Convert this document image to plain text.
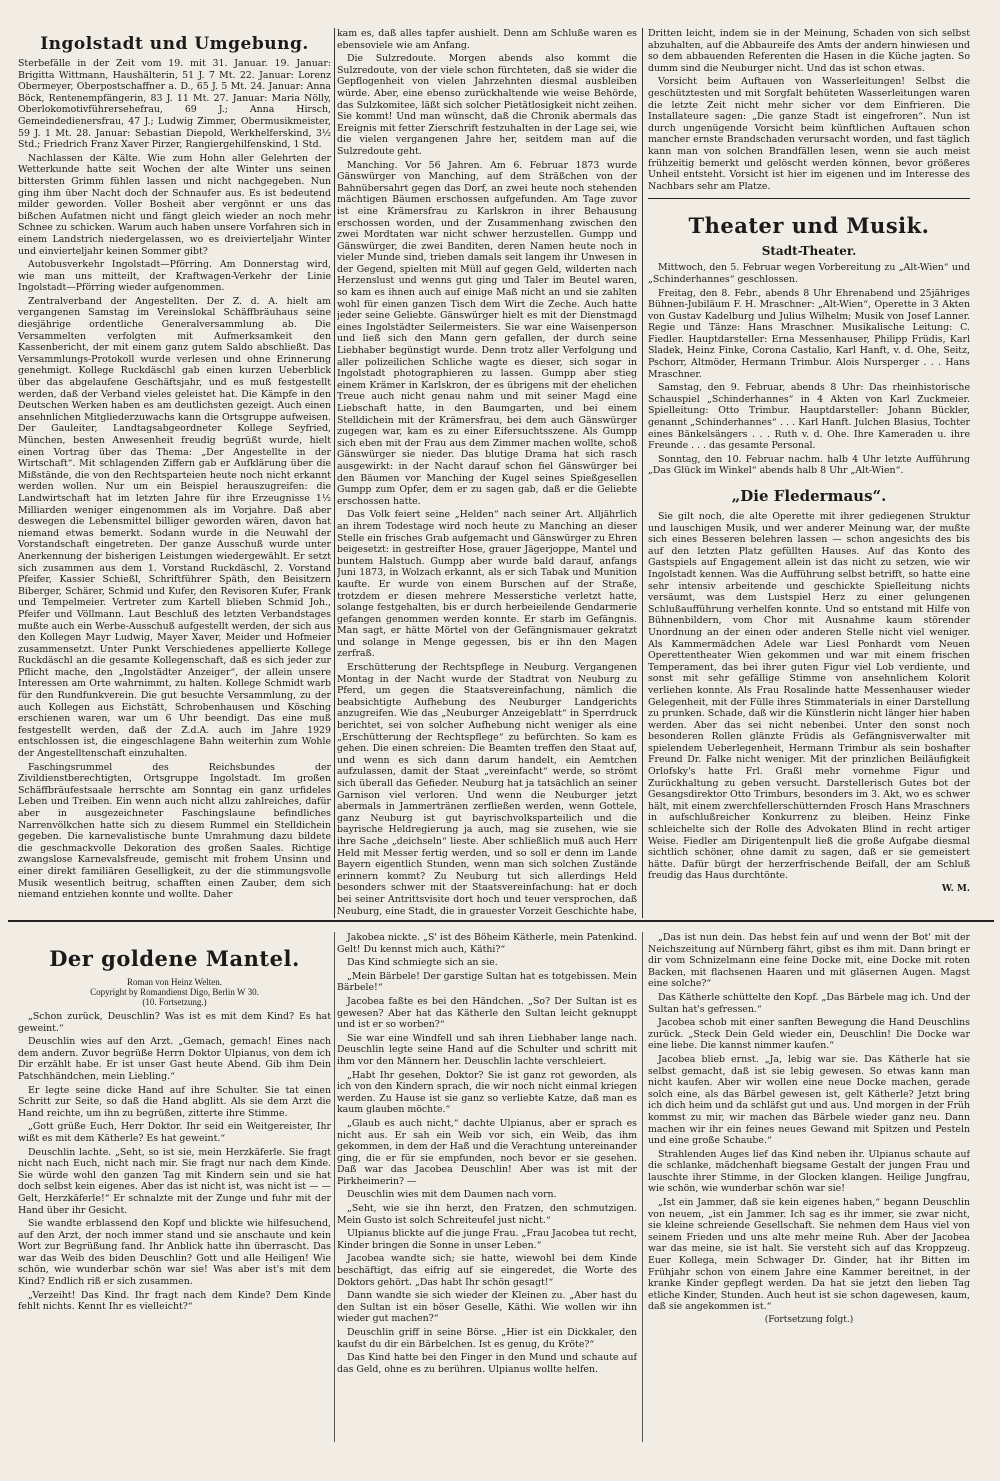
Ingolstadt und Umgebung.

Sterbefälle in der Zeit vom 19. mit 31. Januar. 19. Januar: Brigitta Wittmann, Haushälterin, 51 J. 7 Mt. 22. Januar: Lorenz Obermeyer, Oberpostschaffner a. D., 65 J. 5 Mt. 24. Januar: Anna Böck, Rentenempfängerin, 83 J. 11 Mt. 27. Januar: Maria Nölly, Oberlokomotivführersehefrau, 69 J.; Anna Hirsch, Gemeindedienersfrau, 47 J.; Ludwig Zimmer, Obermusikmeister, 59 J. 1 Mt. 28. Januar: Sebastian Diepold, Werkhelferskind, 3½ Std.; Friedrich Franz Xaver Pirzer, Rangiergehilfenskind, 1 Std.

Nachlassen der Kälte. Wie zum Hohn aller Gelehrten der Wetterkunde hatte seit Wochen der alte Winter uns seinen bittersten Grimm fühlen lassen und nicht nachgegeben. Nun ging ihm über Nacht doch der Schnaufer aus. Es ist bedeutend milder geworden. Voller Bosheit aber vergönnt er uns das bißchen Aufatmen nicht und fängt gleich wieder an noch mehr Schnee zu schicken. Warum auch haben unsere Vorfahren sich in einem Landstrich niedergelassen, wo es dreivierteljahr Winter und einvierteljahr keinen Sommer gibt?

Autobusverkehr Ingolstadt—Pförring. Am Donnerstag wird, wie man uns mitteilt, der Kraftwagen-Verkehr der Linie Ingolstadt—Pförring wieder aufgenommen.

Zentralverband der Angestellten. Der Z. d. A. hielt am vergangenen Samstag im Vereinslokal Schäffbräuhaus seine diesjährige ordentliche Generalversammlung ab. Die Versammelten verfolgten mit Aufmerksamkeit den Kassenbericht, der mit einem ganz gutem Saldo abschließt. Das Versammlungs-Protokoll wurde verlesen und ohne Erinnerung genehmigt. Kollege Ruckdäschl gab einen kurzen Ueberblick über das abgelaufene Geschäftsjahr, und es muß festgestellt werden, daß der Verband vieles geleistet hat. Die Kämpfe in den Deutschen Werken haben es am deutlichsten gezeigt. Auch einen ansehnlichen Mitgliederzuwachs kann die Ortsgruppe aufweisen. Der Gauleiter, Landtagsabgeordneter Kollege Seyfried, München, besten Anwesenheit freudig begrüßt wurde, hielt einen Vortrag über das Thema: „Der Angestellte in der Wirtschaft“. Mit schlagenden Ziffern gab er Aufklärung über die Mißstände, die von den Rechtsparteien heute noch nicht erkannt werden wollen. Nur um ein Beispiel herauszugreifen: die Landwirtschaft hat im letzten Jahre für ihre Erzeugnisse 1½ Milliarden weniger eingenommen als im Vorjahre. Daß aber deswegen die Lebensmittel billiger geworden wären, davon hat niemand etwas bemerkt. Sodann wurde in die Neuwahl der Vorstandschaft eingetreten. Der ganze Ausschuß wurde unter Anerkennung der bisherigen Leistungen wiedergewählt. Er setzt sich zusammen aus dem 1. Vorstand Ruckdäschl, 2. Vorstand Pfeifer, Kassier Schießl, Schriftführer Späth, den Beisitzern Biberger, Schärer, Schmid und Kufer, den Revisoren Kufer, Frank und Tempelmeier. Vertreter zum Kartell blieben Schmid Joh., Pfeifer und Völlmann. Laut Beschluß des letzten Verbandstages mußte auch ein Werbe-Ausschuß aufgestellt werden, der sich aus den Kollegen Mayr Ludwig, Mayer Xaver, Meider und Hofmeier zusammensetzt. Unter Punkt Verschiedenes appellierte Kollege Ruckdäschl an die gesamte Kollegenschaft, daß es sich jeder zur Pflicht mache, den „Ingolstädter Anzeiger“, der allein unsere Interessen am Orte wahrnimmt, zu halten. Kollege Schmidt warb für den Rundfunkverein. Die gut besuchte Versammlung, zu der auch Kollegen aus Eichstätt, Schrobenhausen und Kösching erschienen waren, war um 6 Uhr beendigt. Das eine muß festgestellt werden, daß der Z.d.A. auch im Jahre 1929 entschlossen ist, die eingeschlagene Bahn weiterhin zum Wohle der Angestelltenschaft einzuhalten.

Faschingsrummel des Reichsbundes der Zivildienstberechtigten, Ortsgruppe Ingolstadt. Im großen Schäffbräufestsaale herrschte am Sonntag ein ganz urfideles Leben und Treiben. Ein wenn auch nicht allzu zahlreiches, dafür aber in ausgezeichneter Faschingslaune befindliches Narrenvölkchen hatte sich zu diesem Rummel ein Stelldichein gegeben. Die karnevalistische bunte Umrahmung dazu bildete die geschmackvolle Dekoration des großen Saales. Richtige zwangslose Karnevalsfreude, gemischt mit frohem Unsinn und einer direkt familiären Geselligkeit, zu der die stimmungsvolle Musik wesentlich beitrug, schafften einen Zauber, dem sich niemand entziehen konnte und wollte. Daher

kam es, daß alles tapfer aushielt. Denn am Schluße waren es ebensoviele wie am Anfang.

Die Sulzredoute. Morgen abends also kommt die Sulzredoute, von der viele schon fürchteten, daß sie wider die Gepflogenheit von vielen Jahrzehnten diesmal ausbleiben würde. Aber, eine ebenso zurückhaltende wie weise Behörde, das Sulzkomitee, läßt sich solcher Pietätlosigkeit nicht zeihen. Sie kommt! Und man wünscht, daß die Chronik abermals das Ereignis mit fetter Zierschrift festzuhalten in der Lage sei, wie die vielen vergangenen Jahre her, seitdem man auf die Sulzredoute geht.

Manching. Vor 56 Jahren. Am 6. Februar 1873 wurde Gänswürger von Manching, auf dem Sträßchen von der Bahnübersahrt gegen das Dorf, an zwei heute noch stehenden mächtigen Bäumen erschossen aufgefunden. Am Tage zuvor ist eine Krämersfrau zu Karlskron in ihrer Behausung erschossen worden, und der Zusammenhang zwischen den zwei Mordtaten war nicht schwer herzustellen. Gumpp und Gänswürger, die zwei Banditen, deren Namen heute noch in vieler Munde sind, trieben damals seit langem ihr Unwesen in der Gegend, spielten mit Müll auf gegen Geld, wilderten nach Herzenslust und wenns gut ging und Taler im Beutel waren, so kam es ihnen auch auf einige Maß nicht an und sie zahlten wohl für einen ganzen Tisch dem Wirt die Zeche. Auch hatte jeder seine Geliebte. Gänswürger hielt es mit der Dienstmagd eines Ingolstädter Seilermeisters. Sie war eine Waisenperson und ließ sich den Mann gern gefallen, der durch seine Liebhaber begünstigt wurde. Denn trotz aller Verfolgung und aller polizeilichen Schliche wagte es dieser, sich sogar in Ingolstadt photographieren zu lassen. Gumpp aber stieg einem Krämer in Karlskron, der es übrigens mit der ehelichen Treue auch nicht genau nahm und mit seiner Magd eine Liebschaft hatte, in den Baumgarten, und bei einem Stelldichein mit der Krämersfrau, bei dem auch Gänswürger zugegen war, kam es zu einer Eifersuchtsszene. Als Gumpp sich eben mit der Frau aus dem Zimmer machen wollte, schoß Gänswürger sie nieder. Das blutige Drama hat sich rasch ausgewirkt: in der Nacht darauf schon fiel Gänswürger bei den Bäumen vor Manching der Kugel seines Spießgesellen Gumpp zum Opfer, dem er zu sagen gab, daß er die Geliebte erschossen hatte.

Das Volk feiert seine „Helden“ nach seiner Art. Alljährlich an ihrem Todestage wird noch heute zu Manching an dieser Stelle ein frisches Grab aufgemacht und Gänswürger zu Ehren beigesetzt: in gestreifter Hose, grauer Jägerjoppe, Mantel und buntem Halstuch. Gumpp aber wurde bald darauf, anfangs Juni 1873, in Wolzach erkannt, als er sich Tabak und Munition kaufte. Er wurde von einem Burschen auf der Straße, trotzdem er diesen mehrere Messerstiche verletzt hatte, solange festgehalten, bis er durch herbeieilende Gendarmerie gefangen genommen werden konnte. Er starb im Gefängnis. Man sagt, er hätte Mörtel von der Gefängnismauer gekratzt und solange in Menge gegessen, bis er ihn den Magen zerfraß.

Erschütterung der Rechtspflege in Neuburg. Vergangenen Montag in der Nacht wurde der Stadtrat von Neuburg zu Pferd, um gegen die Staatsvereinfachung, nämlich die beabsichtigte Aufhebung des Neuburger Landgerichts anzugreifen. Wie das „Neuburger Anzeigeblatt“ in Sperrdruck berichtet, sei von solcher Aufhebung nicht weniger als eine „Erschütterung der Rechtspflege“ zu befürchten. So kam es gehen. Die einen schreien: Die Beamten treffen den Staat auf, und wenn es sich dann darum handelt, ein Aemtchen aufzulassen, damit der Staat „vereinfacht“ werde, so strömt sich überall das Gefieder. Neuburg hat ja tatsächlich an seiner Garnison viel verloren. Und wenn die Neuburger jetzt abermals in Jammertränen zerfließen werden, wenn Gottele, ganz Neuburg ist gut bayrischvolksparteilich und die bayrische Heldregierung ja auch, mag sie zusehen, wie sie ihre Sache „deichseln“ lieste. Aber schließlich muß auch Herr Held mit Messer fertig werden, und so soll er denn im Lande Bayern eigentlich Stunden, wenn man sich solchen Zustände erinnern kommt? Zu Neuburg tut sich allerdings Held besonders schwer mit der Staatsvereinfachung: hat er doch bei seiner Antrittsvisite dort hoch und teuer versprochen, daß Neuburg, eine Stadt, die in grauester Vorzeit Geschichte habe,

Dritten leicht, indem sie in der Meinung, Schaden von sich selbst abzuhalten, auf die Abbaureife des Amts der andern hinwiesen und so dem abbauenden Referenten die Hasen in die Küche jagten. So dumm sind die Neuburger nicht. Und das ist schon etwas.

Vorsicht beim Auftauen von Wasserleitungen! Selbst die geschütztesten und mit Sorgfalt behüteten Wasserleitungen waren die letzte Zeit nicht mehr sicher vor dem Einfrieren. Die Installateure sagen: „Die ganze Stadt ist eingefroren“. Nun ist durch ungenügende Vorsicht beim künftlichen Auftauen schon mancher ernste Brandschaden verursacht worden, und fast täglich kann man von solchen Brandfällen lesen, wenn sie auch meist frühzeitig bemerkt und gelöscht werden können, bevor größeres Unheil entsteht. Vorsicht ist hier im eigenen und im Interesse des Nachbars sehr am Platze.

Theater und Musik.
Stadt-Theater.

Mittwoch, den 5. Februar wegen Vorbereitung zu „Alt-Wien“ und „Schinderhannes“ geschlossen.

Freitag, den 8. Febr., abends 8 Uhr Ehrenabend und 25jähriges Bühnen-Jubiläum F. H. Mraschner: „Alt-Wien“, Operette in 3 Akten von Gustav Kadelburg und Julius Wilhelm; Musik von Josef Lanner. Regie und Tänze: Hans Mraschner. Musikalische Leitung: C. Fiedler. Hauptdarsteller: Erna Messenhauser, Philipp Früdis, Karl Sladek, Heinz Finke, Corona Castalio, Karl Hanft, v. d. Ohe, Seitz, Pschorr, Altmöder, Hermann Trimbur. Alois Nursperger . . . Hans Mraschner.

Samstag, den 9. Februar, abends 8 Uhr: Das rheinhistorische Schauspiel „Schinderhannes“ in 4 Akten von Karl Zuckmeier. Spielleitung: Otto Trimbur. Hauptdarsteller: Johann Bückler, genannt „Schinderhannes“ . . . Karl Hanft. Julchen Blasius, Tochter eines Bänkelsängers . . . Ruth v. d. Ohe. Ihre Kameraden u. ihre Freunde . . . das gesamte Personal.

Sonntag, den 10. Februar nachm. halb 4 Uhr letzte Aufführung „Das Glück im Winkel“ abends halb 8 Uhr „Alt-Wien“.

„Die Fledermaus“.

Sie gilt noch, die alte Operette mit ihrer gediegenen Struktur und lauschigen Musik, und wer anderer Meinung war, der mußte sich eines Besseren belehren lassen — schon angesichts des bis auf den letzten Platz gefüllten Hauses. Auf das Konto des Gastspiels auf Engagement allein ist das nicht zu setzen, wie wir Ingolstadt kennen. Was die Aufführung selbst betrifft, so hatte eine sehr intensiv arbeitende und geschickte Spielleitung nichts versäumt, was dem Lustspiel Herz zu einer gelungenen Schlußaufführung verhelfen konnte. Und so entstand mit Hilfe von Bühnenbildern, vom Chor mit Ausnahme kaum störender Unordnung an der einen oder anderen Stelle nicht viel weniger. Als Kammermädchen Adele war Liesl Ponhardt vom Neuen Operettentheater Wien gekommen und war mit einem frischen Temperament, das bei ihrer guten Figur viel Lob verdiente, und sonst mit sehr gefällige Stimme von ansehnlichem Kolorit verliehen konnte. Als Frau Rosalinde hatte Messenhauser wieder Gelegenheit, mit der Fülle ihres Stimmaterials in einer Darstellung zu prunken. Schade, daß wir die Künstlerin nicht länger hier haben werden. Aber das sei nicht nebenbei. Unter den sonst noch besonderen Rollen glänzte Früdis als Gefängnisverwalter mit spielendem Ueberlegenheit, Hermann Trimbur als sein boshafter Freund Dr. Falke nicht weniger. Mit der prinzlichen Beiläufigkeit Orlofsky's hatte Frl. Graßl mehr vornehme Figur und Zurückhaltung zu geben versucht. Darstellerisch Gutes bot der Gesangsdirektor Otto Trimburs, besonders im 3. Akt, wo es schwer hält, mit einem zwerchfellerschütternden Frosch Hans Mraschners in aufschlußreicher Konkurrenz zu bleiben. Heinz Finke schleichelte sich der Rolle des Advokaten Blind in recht artiger Weise. Fiedler am Dirigentenpult ließ die große Aufgabe diesmal sichtlich schöner, ohne damit zu sagen, daß er sie gemeistert hätte. Dafür bürgt der herzerfrischende Beifall, der am Schluß freudig das Haus durchtönte.

W. M.
Der goldene Mantel.
Roman von Heinz Welten.
Copyright by Romandienst Digo, Berlin W 30.
(10. Fortsetzung.)

„Schon zurück, Deuschlin? Was ist es mit dem Kind? Es hat geweint.“

Deuschlin wies auf den Arzt. „Gemach, gemach! Eines nach dem andern. Zuvor begrüße Herrn Doktor Ulpianus, von dem ich Dir erzählt habe. Er ist unser Gast heute Abend. Gib ihm Dein Patschhändchen, mein Liebling.“

Er legte seine dicke Hand auf ihre Schulter. Sie tat einen Schritt zur Seite, so daß die Hand abglitt. Als sie dem Arzt die Hand reichte, um ihn zu begrüßen, zitterte ihre Stimme.

„Gott grüße Euch, Herr Doktor. Ihr seid ein Weitgereister, Ihr wißt es mit dem Kätherle? Es hat geweint.“

Deuschlin lachte. „Seht, so ist sie, mein Herzkäferle. Sie fragt nicht nach Euch, nicht nach mir. Sie fragt nur nach dem Kinde. Sie würde wohl den ganzen Tag mit Kindern sein und sie hat doch selbst kein eigenes. Aber das ist nicht ist, was nicht ist — — Gelt, Herzkäferle!“ Er schnalzte mit der Zunge und fuhr mit der Hand über ihr Gesicht.

Sie wandte erblassend den Kopf und blickte wie hilfesuchend, auf den Arzt, der noch immer stand und sie anschaute und kein Wort zur Begrüßung fand. Ihr Anblick hatte ihn überrascht. Das war das Weib des biden Deuschlin? Gott und alle Heiligen! Wie schön, wie wunderbar schön war sie! Was aber ist's mit dem Kind? Endlich riß er sich zusammen.

„Verzeiht! Das Kind. Ihr fragt nach dem Kinde? Dem Kinde fehlt nichts. Kennt Ihr es vielleicht?“

Jakobea nickte. „S' ist des Böheim Kätherle, mein Patenkind. Gelt! Du kennst mich auch, Käthi?“

Das Kind schmiegte sich an sie.

„Mein Bärbele! Der garstige Sultan hat es totgebissen. Mein Bärbele!“

Jacobea faßte es bei den Händchen. „So? Der Sultan ist es gewesen? Aber hat das Kätherle den Sultan leicht geknuppt und ist er so worben?“

Sie war eine Windfell und sah ihren Liebhaber lange nach. Deuschlin legte seine Hand auf die Schulter und schritt mit ihm vor den Männern her. Deuschlin lachte verschleiert.

„Habt Ihr gesehen, Doktor? Sie ist ganz rot geworden, als ich von den Kindern sprach, die wir noch nicht einmal kriegen werden. Zu Hause ist sie ganz so verliebte Katze, daß man es kaum glauben möchte.“

„Glaub es auch nicht,“ dachte Ulpianus, aber er sprach es nicht aus. Er sah ein Weib vor sich, ein Weib, das ihm gekommen, in dem der Haß und die Verachtung untereinander ging, die er für sie empfunden, noch bevor er sie gesehen. Daß war das Jacobea Deuschlin! Aber was ist mit der Pirkheimerin? —

Deuschlin wies mit dem Daumen nach vorn.

„Seht, wie sie ihn herzt, den Fratzen, den schmutzigen. Mein Gusto ist solch Schreiteufel just nicht.“

Ulpianus blickte auf die junge Frau. „Frau Jacobea tut recht, Kinder bringen die Sonne in unser Leben.“

Jacobea wandte sich; sie hatte, wiewohl bei dem Kinde beschäftigt, das eifrig auf sie eingeredet, die Worte des Doktors gehört. „Das habt Ihr schön gesagt!“

Dann wandte sie sich wieder der Kleinen zu. „Aber hast du den Sultan ist ein böser Geselle, Käthi. Wie wollen wir ihn wieder gut machen?“

Deuschlin griff in seine Börse. „Hier ist ein Dickkaler, den kaufst du dir ein Bärbelchen. Ist es genug, du Kröte?“

Das Kind hatte bei den Finger in den Mund und schaute auf das Geld, ohne es zu berühren. Ulpianus wollte helfen.

„Das ist nun dein. Das hebst fein auf und wenn der Bot' mit der Neichszeitung auf Nürnberg fährt, gibst es ihm mit. Dann bringt er dir vom Schnizelmann eine feine Docke mit, eine Docke mit roten Backen, mit flachsenen Haaren und mit gläsernen Augen. Magst eine solche?“

Das Kätherle schüttelte den Kopf. „Das Bärbele mag ich. Und der Sultan hat's gefressen.“

Jacobea schob mit einer sanften Bewegung die Hand Deuschlins zurück. „Steck Dein Geld wieder ein, Deuschlin! Die Docke war eine liebe. Die kannst nimmer kaufen.“

Jacobea blieb ernst. „Ja, lebig war sie. Das Kätherle hat sie selbst gemacht, daß ist sie lebig gewesen. So etwas kann man nicht kaufen. Aber wir wollen eine neue Docke machen, gerade solch eine, als das Bärbel gewesen ist, gelt Kätherle? Jetzt bring ich dich heim und da schläfst gut und aus. Und morgen in der Früh kommst zu mir, wir machen das Bärbele wieder ganz neu. Dann machen wir ihr ein feines neues Gewand mit Spitzen und Pesteln und eine große Schaube.“

Strahlenden Auges lief das Kind neben ihr. Ulpianus schaute auf die schlanke, mädchenhaft biegsame Gestalt der jungen Frau und lauschte ihrer Stimme, in der Glocken klangen. Heilige Jungfrau, wie schön, wie wunderbar schön war sie!

„Ist ein Jammer, daß sie kein eigenes haben,“ begann Deuschlin von neuem, „ist ein Jammer. Ich sag es ihr immer, sie zwar nicht, sie kleine schreiende Gesellschaft. Sie nehmen dem Haus viel von seinem Frieden und uns alte mehr meine Ruh. Aber der Jacobea war das meine, sie ist halt. Sie versteht sich auf das Kroppzeug. Euer Kollega, mein Schwager Dr. Ginder, hat ihr Bitten im Frühjahr schon von einem Jahre eine Kammer bereitnet, in der kranke Kinder gepflegt werden. Da hat sie jetzt den lieben Tag etliche Kinder, Stunden. Auch heut ist sie schon dagewesen, kaum, daß sie angekommen ist.“

(Fortsetzung folgt.)
